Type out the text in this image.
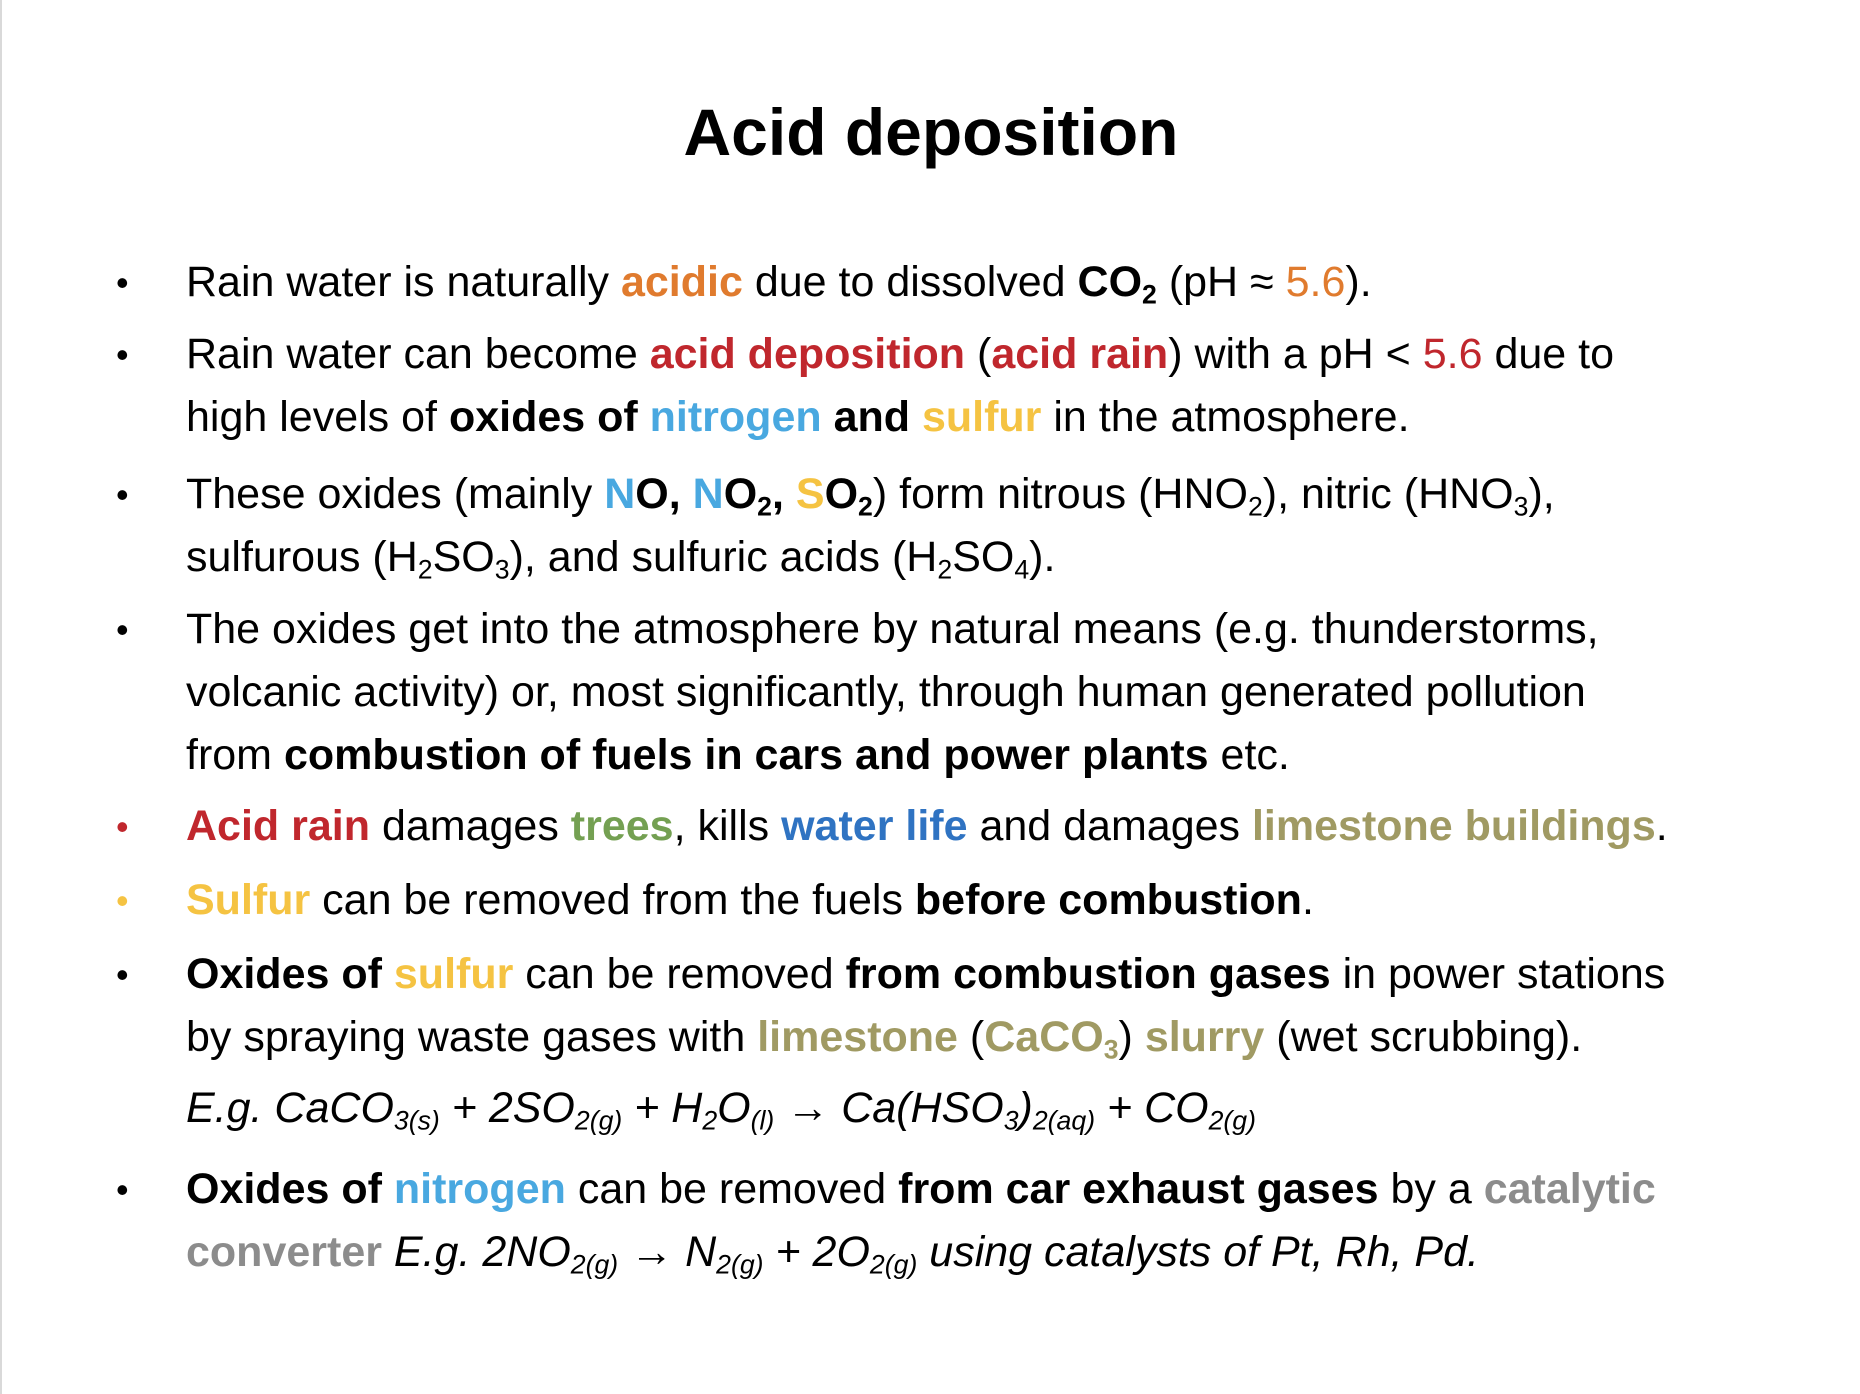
Acid deposition
• Rain water is naturally acidic due to dissolved $CO_2$ (pH ≈ 5.6).
• Rain water can become acid deposition (acid rain) with a pH < 5.6 due to
high levels of oxides of nitrogen and sulfur in the atmosphere.
• These oxides (mainly NO, $NO_2$, $SO_2$) form nitrous $(HNO_2)$, nitric $(HNO_3)$,
sulfurous $(H_2SO_3)$, and sulfuric acids $(H_2SO_4)$.
• The oxides get into the atmosphere by natural means (e.g. thunderstorms,
volcanic activity) or, most significantly, through human generated pollution
from combustion of fuels in cars and power plants etc.
• Acid rain damages trees, kills water life and damages limestone buildings.
• Sulfur can be removed from the fuels before combustion.
• Oxides of sulfur can be removed from combustion gases in power stations
by spraying waste gases with limestone (CaCO$_3$) slurry (wet scrubbing).
E.g. CaCO$_{3(s)}$ + $2SO_{2(g)} + H_2O_{(l)} \to Ca(HSO_3)_{2(aq)} + CO_{2(g)}$
• Oxides of nitrogen can be removed from car exhaust gases by a catalytic
converter E.g. $2NO_{2(g)} \to N_{2(g)} + 2O_{2(g)}$ using catalysts of Pt, Rh, Pd.
